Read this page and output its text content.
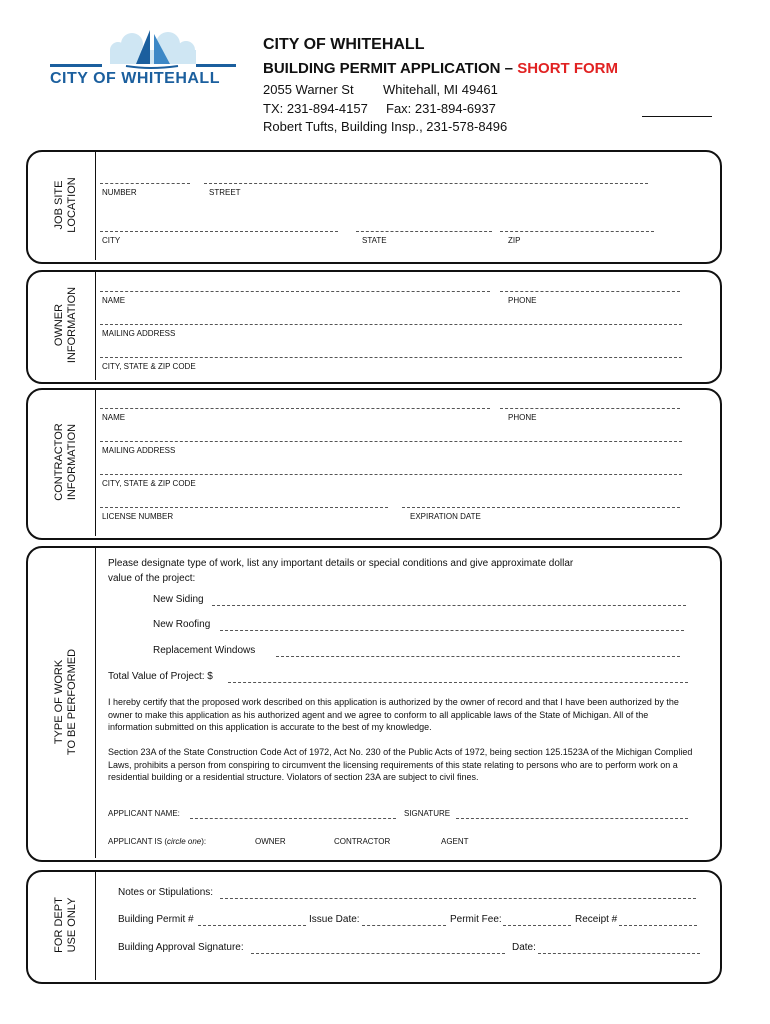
CITY OF WHITEHALL
CITY OF WHITEHALL
BUILDING PERMIT APPLICATION – SHORT FORM
2055 Warner St Whitehall, MI 49461
TX: 231-894-4157 Fax: 231-894-6937
Robert Tufts, Building Insp., 231-578-8496
JOB SITE LOCATION	NUMBER	STREET
CITY	STATE	ZIP
OWNER INFORMATION	NAME	PHONE
MAILING ADDRESS
CITY, STATE & ZIP CODE
CONTRACTOR INFORMATION
NAME	PHONE
MAILING ADDRESS
CITY, STATE & ZIP CODE
LICENSE NUMBER	EXPIRATION DATE
TYPE OF WORK TO BE PERFORMED
Please designate type of work, list any important details or special conditions and give approximate dollar
value of the project:
New Siding
New Roofing
Replacement Windows
Total Value of Project: $
I hereby certify that the proposed work described on this application is authorized by the owner of record and that I have been authorized by the owner to make this application as his authorized agent and we agree to conform to all applicable laws of the State of Michigan. All of the information submitted on this application is accurate to the best of my knowledge.
Section 23A of the State Construction Code Act of 1972, Act No. 230 of the Public Acts of 1972, being section 125.1523A of the Michigan Complied Laws, prohibits a person from conspiring to circumvent the licensing requirements of this state relating to persons who are to perform work on a residential building or a residential structure. Violators of section 23A are subject to civil fines.
APPLICANT NAME:	SIGNATURE
APPLICANT IS (circle one):	OWNER	CONTRACTOR	AGENT
FOR DEPT USE ONLY
Notes or Stipulations:
Building Permit #	Issue Date:	Permit Fee:	Receipt #
Building Approval Signature:	Date:
